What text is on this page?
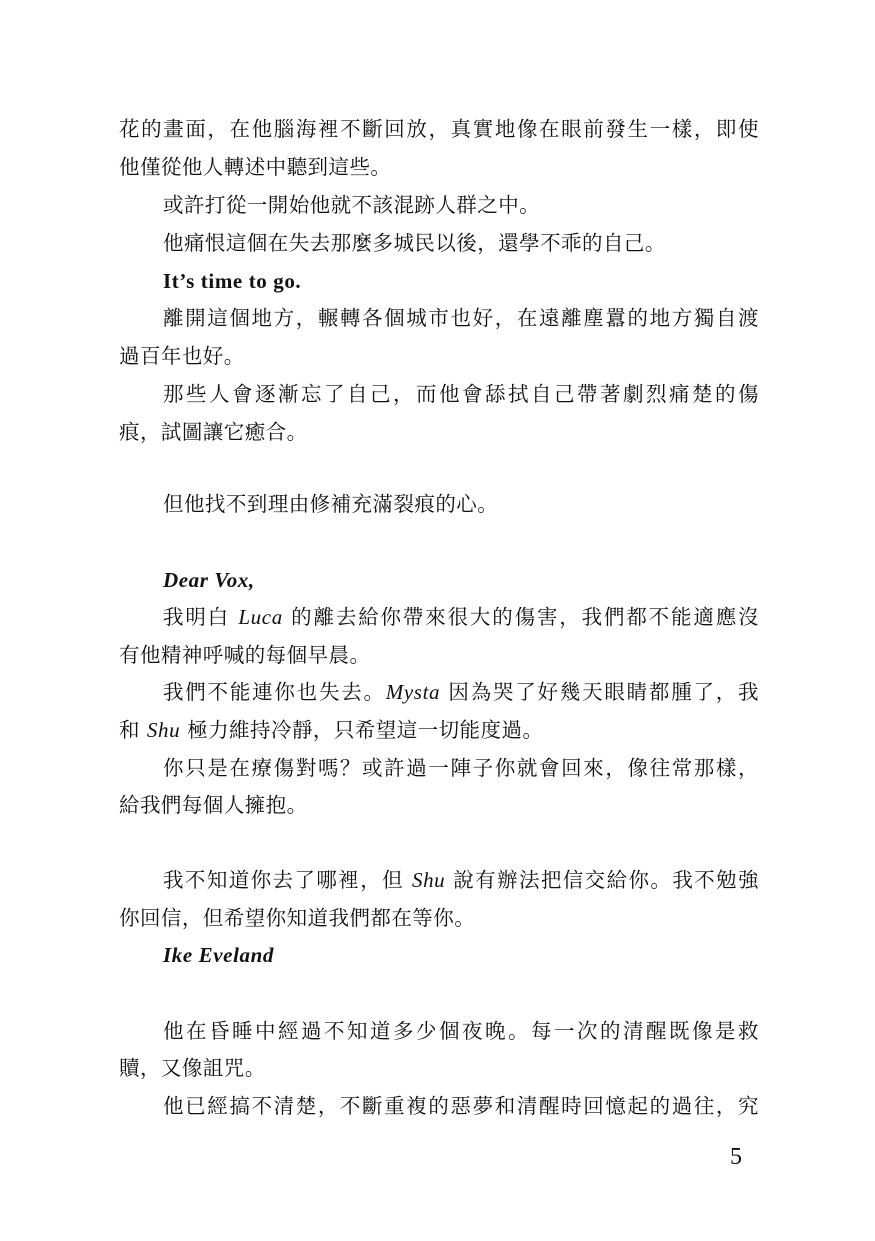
花的畫面，在他腦海裡不斷回放，真實地像在眼前發生一樣，即使
他僅從他人轉述中聽到這些。
或許打從一開始他就不該混跡人群之中。
他痛恨這個在失去那麼多城民以後，還學不乖的自己。
It’s time to go.
離開這個地方，輾轉各個城市也好，在遠離塵囂的地方獨自渡
過百年也好。
那些人會逐漸忘了自己，而他會舔拭自己帶著劇烈痛楚的傷
痕，試圖讓它癒合。
但他找不到理由修補充滿裂痕的心。
Dear Vox,
我明白 Luca 的離去給你帶來很大的傷害，我們都不能適應沒
有他精神呼喊的每個早晨。
我們不能連你也失去。Mysta 因為哭了好幾天眼睛都腫了，我
和 Shu 極力維持冷靜，只希望這一切能度過。
你只是在療傷對嗎？或許過一陣子你就會回來，像往常那樣，
給我們每個人擁抱。
我不知道你去了哪裡，但 Shu 說有辦法把信交給你。我不勉強
你回信，但希望你知道我們都在等你。
Ike Eveland
他在昏睡中經過不知道多少個夜晚。每一次的清醒既像是救
贖，又像詛咒。
他已經搞不清楚，不斷重複的惡夢和清醒時回憶起的過往，究
5
